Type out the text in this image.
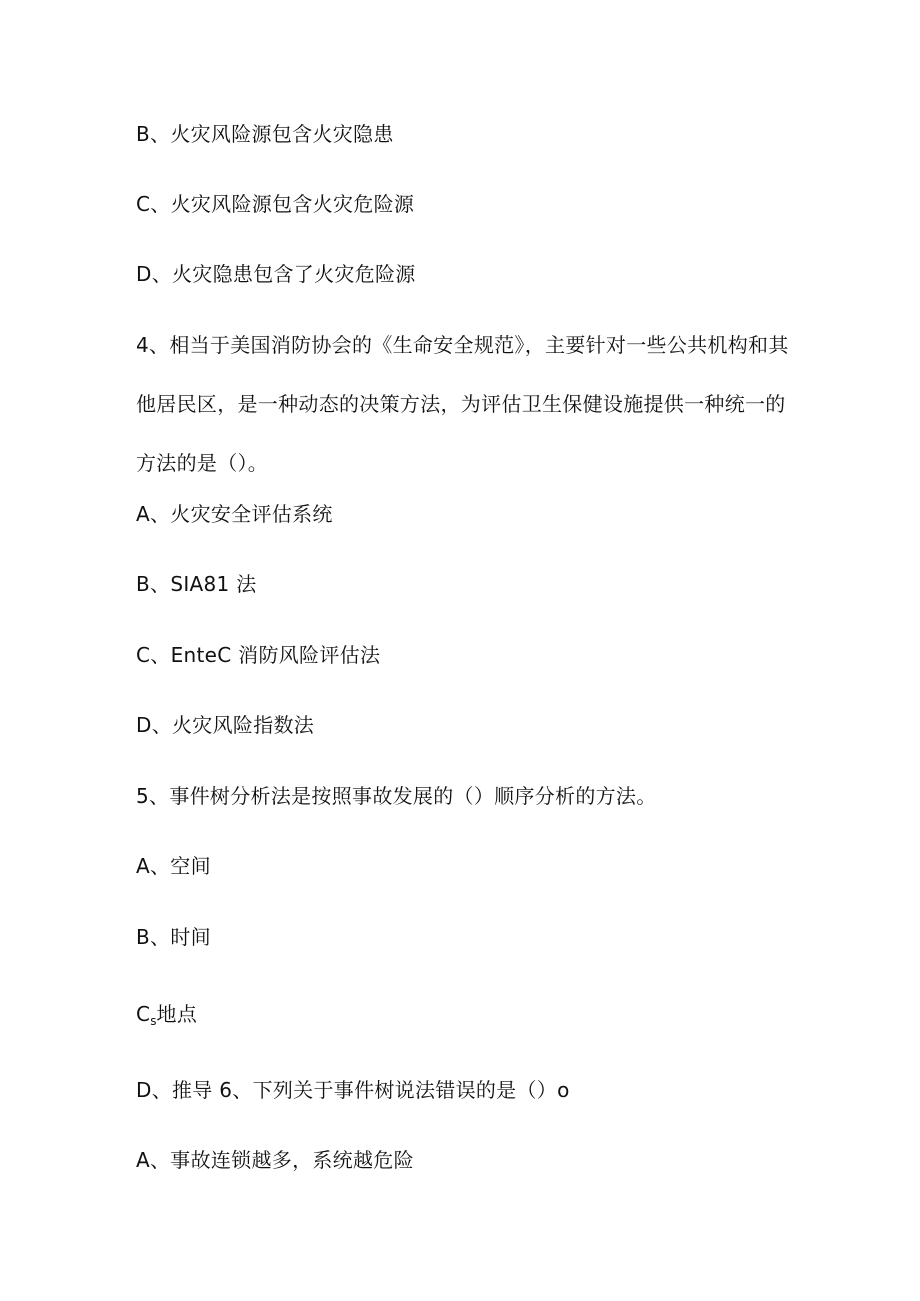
B、火灾风险源包含火灾隐患
C、火灾风险源包含火灾危险源
D、火灾隐患包含了火灾危险源
4、相当于美国消防协会的《生命安全规范》，主要针对一些公共机构和其
他居民区，是一种动态的决策方法，为评估卫生保健设施提供一种统一的
方法的是（）。
A、火灾安全评估系统
B、SIA81 法
C、EnteC 消防风险评估法
D、火灾风险指数法
5、事件树分析法是按照事故发展的（）顺序分析的方法。
A、空间
B、时间
$C_s$地点
D、推导 6、下列关于事件树说法错误的是（）o
A、事故连锁越多，系统越危险
